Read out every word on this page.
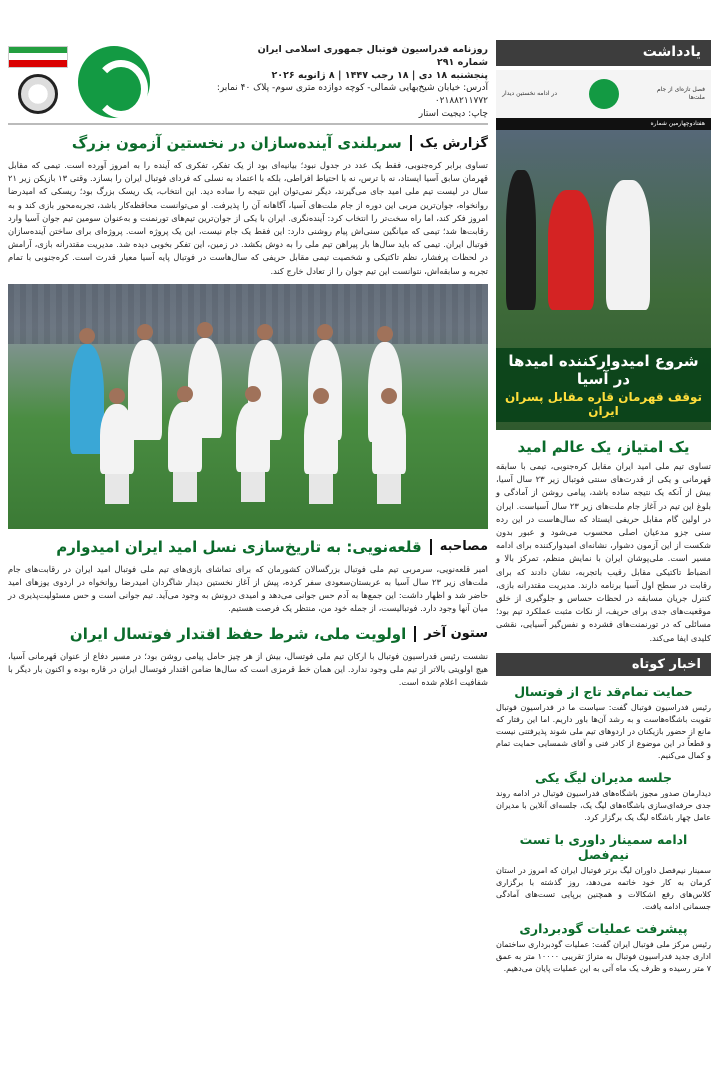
یادداشت
فصل تازه‌ای از جام ملت‌ها
در ادامه نخستین دیدار
هفتادوچهارمین شماره
شروع امیدوارکننده امیدها در آسیا
توقف قهرمان قاره مقابل پسران ایران
یک امتیاز، یک عالم امید
تساوی تیم ملی امید ایران مقابل کره‌جنوبی، تیمی با سابقه قهرمانی و یکی از قدرت‌های سنتی فوتبال زیر ۲۳ سال آسیا، بیش از آنکه یک نتیجه ساده باشد، پیامی روشن از آمادگی و بلوغ این تیم در آغاز جام ملت‌های زیر ۲۳ سال آسیاست. ایران در اولین گام مقابل حریفی ایستاد که سال‌هاست در این رده سنی جزو مدعیان اصلی محسوب می‌شود و عبور بدون شکست از این آزمون دشوار، نشانه‌ای امیدوارکننده برای ادامه مسیر است. ملی‌پوشان ایران با نمایش منظم، تمرکز بالا و انضباط تاکتیکی مقابل رقیب باتجربه، نشان دادند که برای رقابت در سطح اول آسیا برنامه دارند. مدیریت مقتدرانه بازی، کنترل جریان مسابقه در لحظات حساس و جلوگیری از خلق موقعیت‌های جدی برای حریف، از نکات مثبت عملکرد تیم بود؛ مسائلی که در تورنمنت‌های فشرده و نفس‌گیر آسیایی، نقشی کلیدی ایفا می‌کند.
اخبار کوتاه
حمایت تمام‌قد تاج از فوتسال
رئیس فدراسیون فوتبال گفت: سیاست ما در فدراسیون فوتبال تقویت باشگاه‌هاست و به رشد آن‌ها باور داریم. اما این رفتار که مانع از حضور بازیکنان در اردوهای تیم ملی شوند پذیرفتنی نیست و قطعاً در این موضوع از کادر فنی و آقای شمسایی حمایت تمام و کمال می‌کنیم.
جلسه مدیران لیگ یکی
دیدارمان صدور مجوز باشگاه‌های فدراسیون فوتبال در ادامه روند جدی حرفه‌ای‌سازی باشگاه‌های لیگ یک، جلسه‌ای آنلاین با مدیران عامل چهار باشگاه لیگ یک برگزار کرد.
ادامه سمینار داوری با تست نیم‌فصل
سمینار نیم‌فصل داوران لیگ برتر فوتبال ایران که امروز در استان کرمان به کار خود خاتمه می‌دهد، روز گذشته با برگزاری کلاس‌های رفع اشکالات و همچنین برپایی تست‌های آمادگی جسمانی ادامه یافت.
پیشرفت عملیات گودبرداری
رئیس مرکز ملی فوتبال ایران گفت: عملیات گودبرداری ساختمان اداری جدید فدراسیون فوتبال به متراژ تقریبی ۱۰۰۰۰ متر به عمق ۷ متر رسیده و ظرف یک ماه آتی به این عملیات پایان می‌دهیم.
روزنامه فدراسیون فوتبال جمهوری اسلامی ایران
شماره ۲۹۱
پنجشنبه ۱۸ دی | ۱۸ رجب ۱۴۴۷ | ۸ ژانویه ۲۰۲۶
آدرس: خیابان شیخ‌بهایی شمالی- کوچه دوازده متری سوم- پلاک ۴۰ نمابر: ۰۲۱۸۸۲۱۱۷۷۲
چاپ: دیجیت استار
گزارش یک
سربلندی آینده‌سازان در نخستین آزمون بزرگ
تساوی برابر کره‌جنوبی، فقط یک عدد در جدول نبود؛ بیانیه‌ای بود از یک تفکر، تفکری که آینده را به امروز آورده است. تیمی که مقابل قهرمان سابق آسیا ایستاد، نه با ترس، نه با احتیاط افراطی، بلکه با اعتماد به نسلی که فردای فوتبال ایران را بسازد. وقتی ۱۳ بازیکن زیر ۲۱ سال در لیست تیم ملی امید جای می‌گیرند، دیگر نمی‌توان این نتیجه را ساده دید. این انتخاب، یک ریسک بزرگ بود؛ ریسکی که امیدرضا روانخواه، جوان‌ترین مربی این دوره از جام ملت‌های آسیا، آگاهانه آن را پذیرفت. او می‌توانست محافظه‌کار باشد، تجربه‌محور بازی کند و به امروز فکر کند، اما راه سخت‌تر را انتخاب کرد: آینده‌نگری. ایران با یکی از جوان‌ترین تیم‌های تورنمنت و به‌عنوان سومین تیم جوان آسیا وارد رقابت‌ها شد؛ تیمی که میانگین سنی‌اش پیام روشنی دارد: این فقط یک جام نیست، این یک پروژه است. پروژه‌ای برای ساختن آینده‌سازان فوتبال ایران. تیمی که باید سال‌ها بار پیراهن تیم ملی را به دوش بکشد. در زمین، این تفکر بخوبی دیده شد. مدیریت مقتدرانه بازی، آرامش در لحظات پرفشار، نظم تاکتیکی و شخصیت تیمی مقابل حریفی که سال‌هاست در فوتبال پایه آسیا معیار قدرت است. کره‌جنوبی با تمام تجربه و سابقه‌اش، نتوانست این تیم جوان را از تعادل خارج کند.
مصاحبه
قلعه‌نویی: به تاریخ‌سازی نسل امید ایران امیدوارم
امیر قلعه‌نویی، سرمربی تیم ملی فوتبال بزرگسالان کشورمان که برای تماشای بازی‌های تیم ملی فوتبال امید ایران در رقابت‌های جام ملت‌های زیر ۲۳ سال آسیا به عربستان‌سعودی سفر کرده، پیش از آغاز نخستین دیدار شاگردان امیدرضا روانخواه در اردوی یوزهای امید حاضر شد و اظهار داشت: این جمع‌ها به آدم حس جوانی می‌دهد و امیدی درونش به وجود می‌آید. تیم جوانی است و حس مسئولیت‌پذیری در میان آنها وجود دارد. فوتبالیست، از جمله خود من، منتظر یک فرصت هستیم.
ستون آخر
اولویت ملی، شرط حفظ اقتدار فوتسال ایران
نشست رئیس فدراسیون فوتبال با ارکان تیم ملی فوتسال، بیش از هر چیز حامل پیامی روشن بود؛ در مسیر دفاع از عنوان قهرمانی آسیا، هیچ اولویتی بالاتر از تیم ملی وجود ندارد. این همان خط قرمزی است که سال‌ها ضامن اقتدار فوتسال ایران در قاره بوده و اکنون بار دیگر با شفافیت اعلام شده است.
